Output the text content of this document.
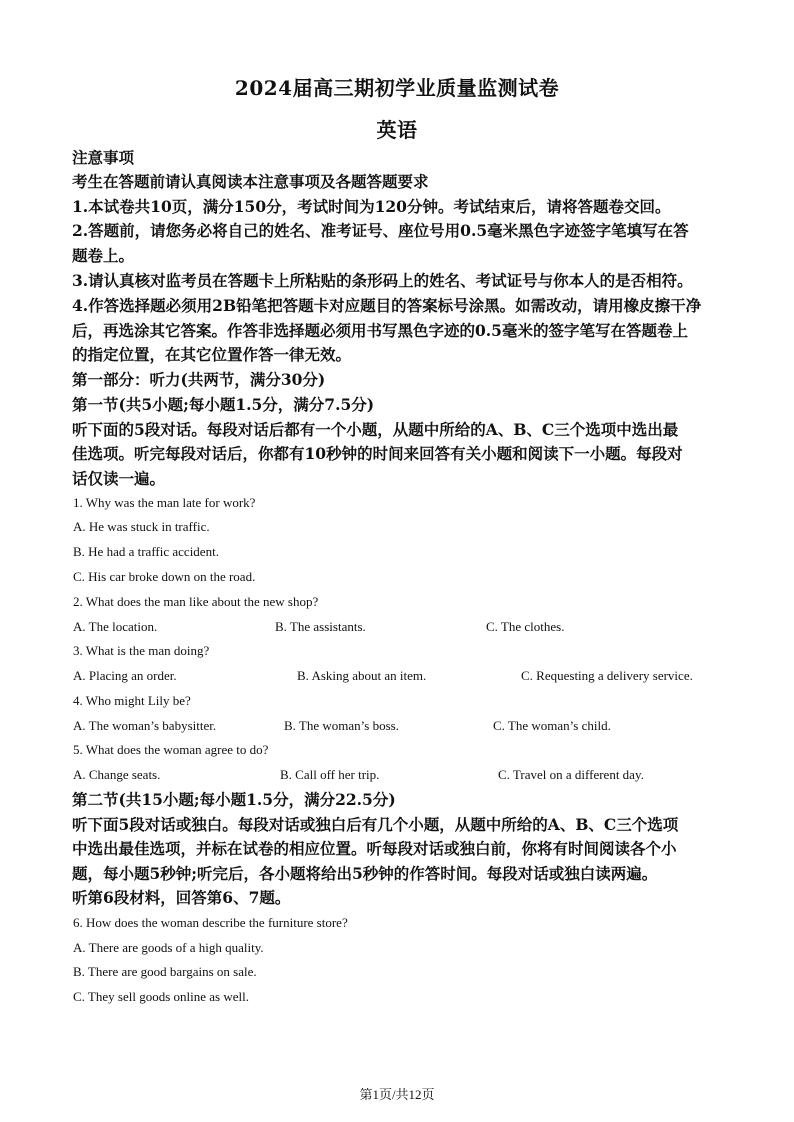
2024届高三期初学业质量监测试卷
英语
注意事项
考生在答题前请认真阅读本注意事项及各题答题要求
1.本试卷共10页，满分150分，考试时间为120分钟。考试结束后，请将答题卷交回。
2.答题前，请您务必将自己的姓名、准考证号、座位号用0.5毫米黑色字迹签字笔填写在答
题卷上。
3.请认真核对监考员在答题卡上所粘贴的条形码上的姓名、考试证号与你本人的是否相符。
4.作答选择题必须用2B铅笔把答题卡对应题目的答案标号涂黑。如需改动，请用橡皮擦干净
后，再选涂其它答案。作答非选择题必须用书写黑色字迹的0.5毫米的签字笔写在答题卷上
的指定位置，在其它位置作答一律无效。
第一部分：听力(共两节，满分30分)
第一节(共5小题;每小题1.5分，满分7.5分)
听下面的5段对话。每段对话后都有一个小题，从题中所给的A、B、C三个选项中选出最
佳选项。听完每段对话后，你都有10秒钟的时间来回答有关小题和阅读下一小题。每段对
话仅读一遍。
1. Why was the man late for work?
A. He was stuck in traffic.
B. He had a traffic accident.
C. His car broke down on the road.
2. What does the man like about the new shop?
A. The location.	B. The assistants.	C. The clothes.
3. What is the man doing?
A. Placing an order.	B. Asking about an item.	C. Requesting a delivery service.
4. Who might Lily be?
A. The woman’s babysitter.	B. The woman’s boss.	C. The woman’s child.
5. What does the woman agree to do?
A. Change seats.	B. Call off her trip.	C. Travel on a different day.
第二节(共15小题;每小题1.5分，满分22.5分)
听下面5段对话或独白。每段对话或独白后有几个小题，从题中所给的A、B、C三个选项
中选出最佳选项，并标在试卷的相应位置。听每段对话或独白前，你将有时间阅读各个小
题，每小题5秒钟;听完后，各小题将给出5秒钟的作答时间。每段对话或独白读两遍。
听第6段材料，回答第6、7题。
6. How does the woman describe the furniture store?
A. There are goods of a high quality.
B. There are good bargains on sale.
C. They sell goods online as well.
第1页/共12页
